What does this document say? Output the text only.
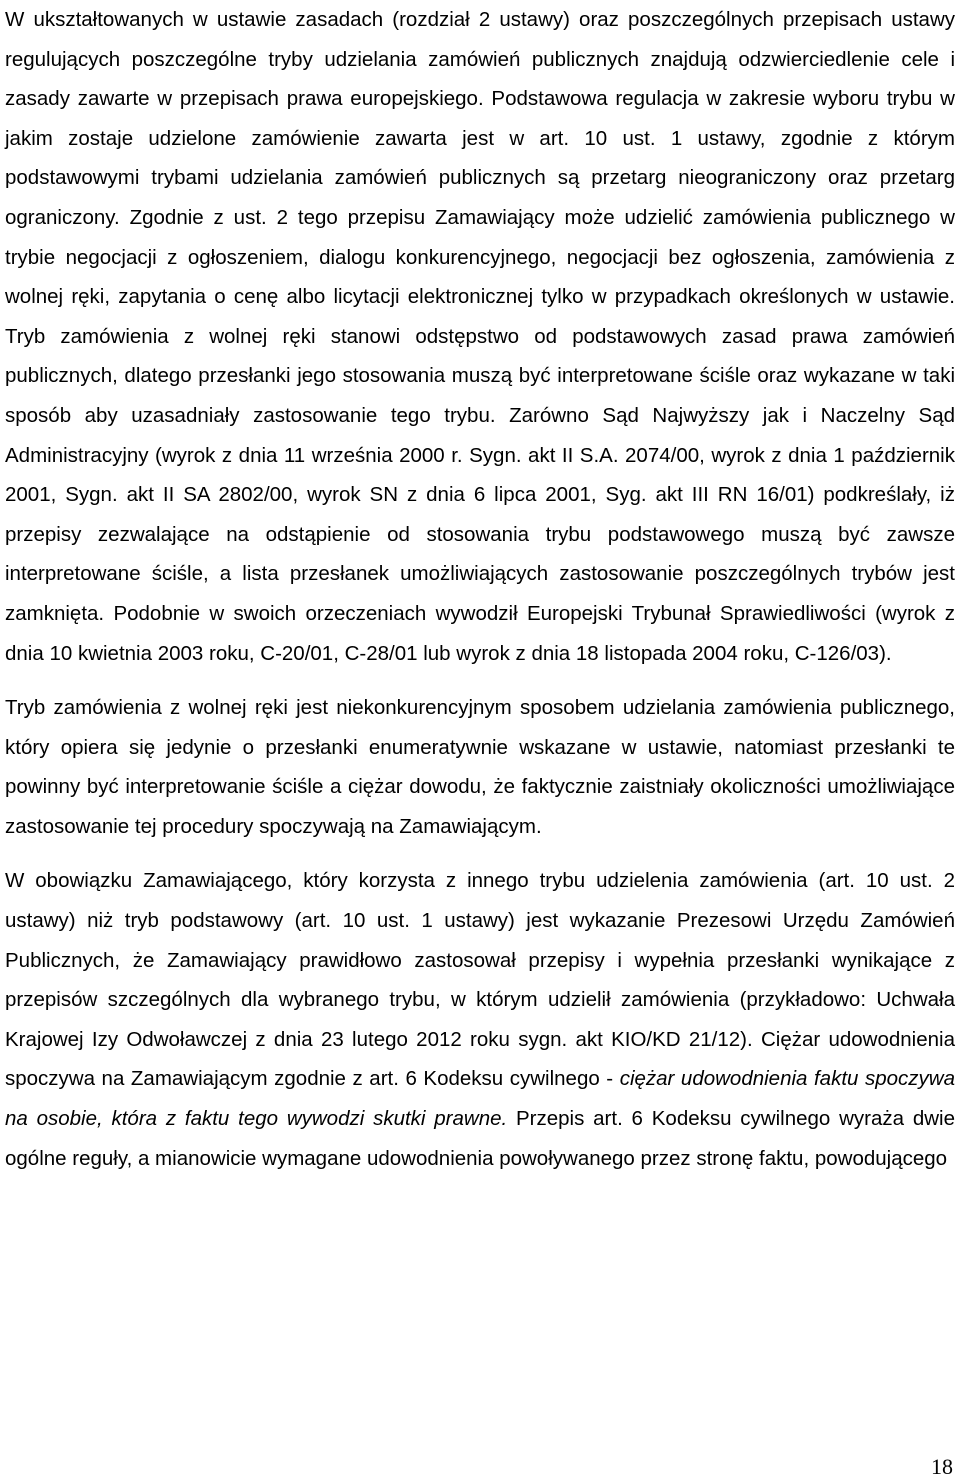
W ukształtowanych w ustawie zasadach (rozdział 2 ustawy) oraz poszczególnych przepisach ustawy regulujących poszczególne tryby udzielania zamówień publicznych znajdują odzwierciedlenie cele i zasady zawarte w przepisach prawa europejskiego. Podstawowa regulacja w zakresie wyboru trybu w jakim zostaje udzielone zamówienie zawarta jest w art. 10 ust. 1 ustawy, zgodnie z którym podstawowymi trybami udzielania zamówień publicznych są przetarg nieograniczony oraz przetarg ograniczony. Zgodnie z ust. 2 tego przepisu Zamawiający może udzielić zamówienia publicznego w trybie negocjacji z ogłoszeniem, dialogu konkurencyjnego, negocjacji bez ogłoszenia, zamówienia z wolnej ręki, zapytania o cenę albo licytacji elektronicznej tylko w przypadkach określonych w ustawie. Tryb zamówienia z wolnej ręki stanowi odstępstwo od podstawowych zasad prawa zamówień publicznych, dlatego przesłanki jego stosowania muszą być interpretowane ściśle oraz wykazane w taki sposób aby uzasadniały zastosowanie tego trybu. Zarówno Sąd Najwyższy jak i Naczelny Sąd Administracyjny (wyrok z dnia 11 września 2000 r. Sygn. akt II S.A. 2074/00, wyrok z dnia 1 październik 2001, Sygn. akt II SA 2802/00, wyrok SN z dnia 6 lipca 2001, Syg. akt III RN 16/01) podkreślały, iż przepisy zezwalające na odstąpienie od stosowania trybu podstawowego muszą być zawsze interpretowane ściśle, a lista przesłanek umożliwiających zastosowanie poszczególnych trybów jest zamknięta. Podobnie w swoich orzeczeniach wywodził Europejski Trybunał Sprawiedliwości (wyrok z dnia 10 kwietnia 2003 roku, C-20/01, C-28/01 lub wyrok z dnia 18 listopada 2004 roku, C-126/03).

Tryb zamówienia z wolnej ręki jest niekonkurencyjnym sposobem udzielania zamówienia publicznego, który opiera się jedynie o przesłanki enumeratywnie wskazane w ustawie, natomiast przesłanki te powinny być interpretowanie ściśle a ciężar dowodu, że faktycznie zaistniały okoliczności umożliwiające zastosowanie tej procedury spoczywają na Zamawiającym.

W obowiązku Zamawiającego, który korzysta z innego trybu udzielenia zamówienia (art. 10 ust. 2 ustawy) niż tryb podstawowy (art. 10 ust. 1 ustawy) jest wykazanie Prezesowi Urzędu Zamówień Publicznych, że Zamawiający prawidłowo zastosował przepisy i wypełnia przesłanki wynikające z przepisów szczególnych dla wybranego trybu, w którym udzielił zamówienia (przykładowo: Uchwała Krajowej Izy Odwoławczej z dnia 23 lutego 2012 roku sygn. akt KIO/KD 21/12). Ciężar udowodnienia spoczywa na Zamawiającym zgodnie z art. 6 Kodeksu cywilnego - ciężar udowodnienia faktu spoczywa na osobie, która z faktu tego wywodzi skutki prawne. Przepis art. 6 Kodeksu cywilnego wyraża dwie ogólne reguły, a mianowicie wymagane udowodnienia powoływanego przez stronę faktu, powodującego

18
